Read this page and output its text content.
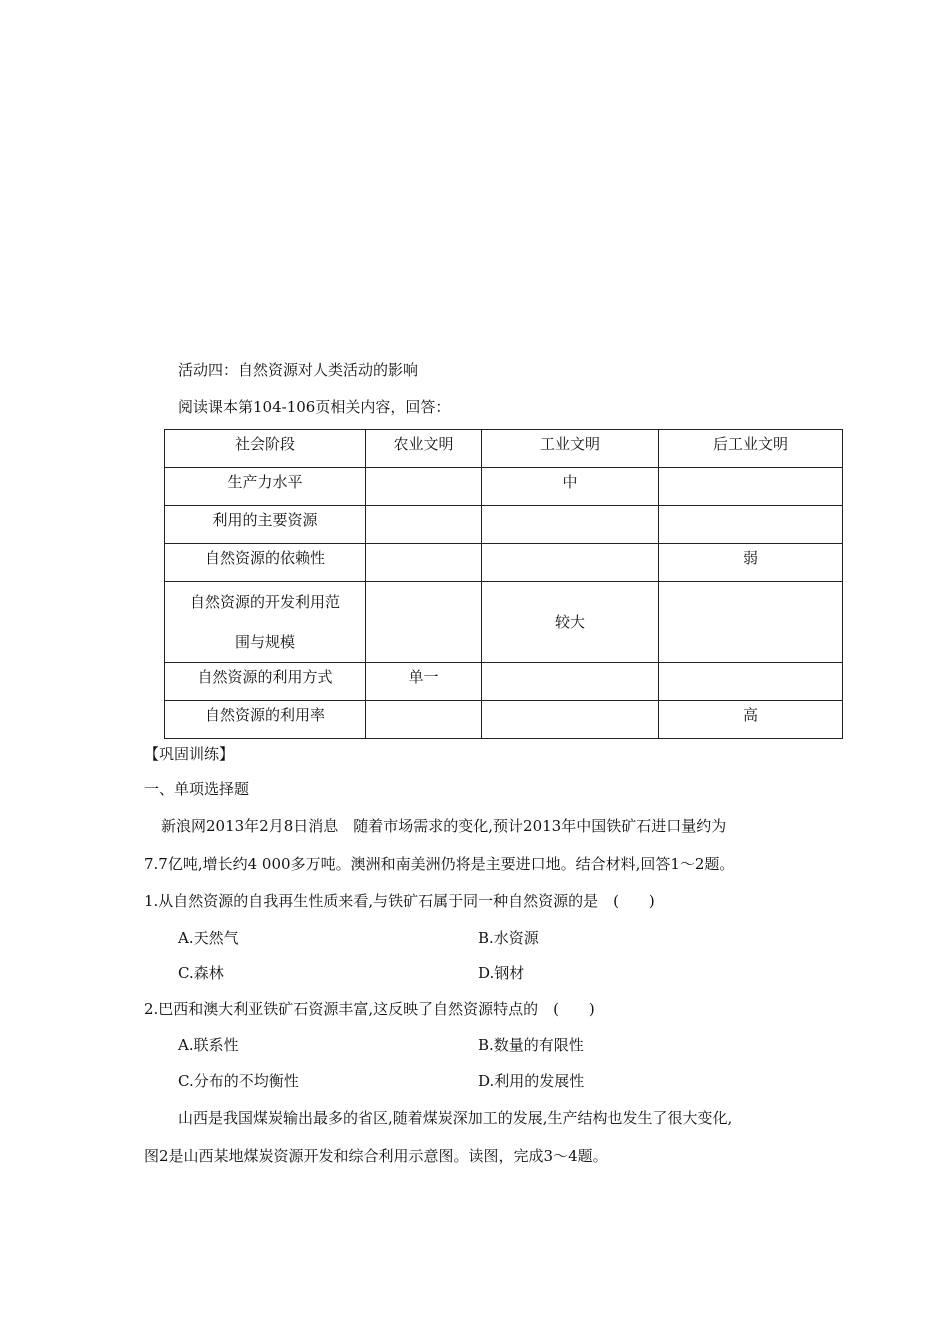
活动四：自然资源对人类活动的影响
阅读课本第104-106页相关内容，回答：
社会阶段	农业文明	工业文明	后工业文明
生产力水平		中	
利用的主要资源			
自然资源的依赖性			弱

自然资源的开发利用范
围与规模		较大	
自然资源的利用方式	单一		
自然资源的利用率			高
【巩固训练】
一、单项选择题
新浪网2013年2月8日消息　随着市场需求的变化,预计2013年中国铁矿石进口量约为
7.7亿吨,增长约4 000多万吨。澳洲和南美洲仍将是主要进口地。结合材料,回答1～2题。
1.从自然资源的自我再生性质来看,与铁矿石属于同一种自然资源的是　(　　)
A.天然气	B.水资源
C.森林	D.钢材
2.巴西和澳大利亚铁矿石资源丰富,这反映了自然资源特点的　(　　)
A.联系性	B.数量的有限性
C.分布的不均衡性	D.利用的发展性
山西是我国煤炭输出最多的省区,随着煤炭深加工的发展,生产结构也发生了很大变化,
图2是山西某地煤炭资源开发和综合利用示意图。读图，完成3～4题。
